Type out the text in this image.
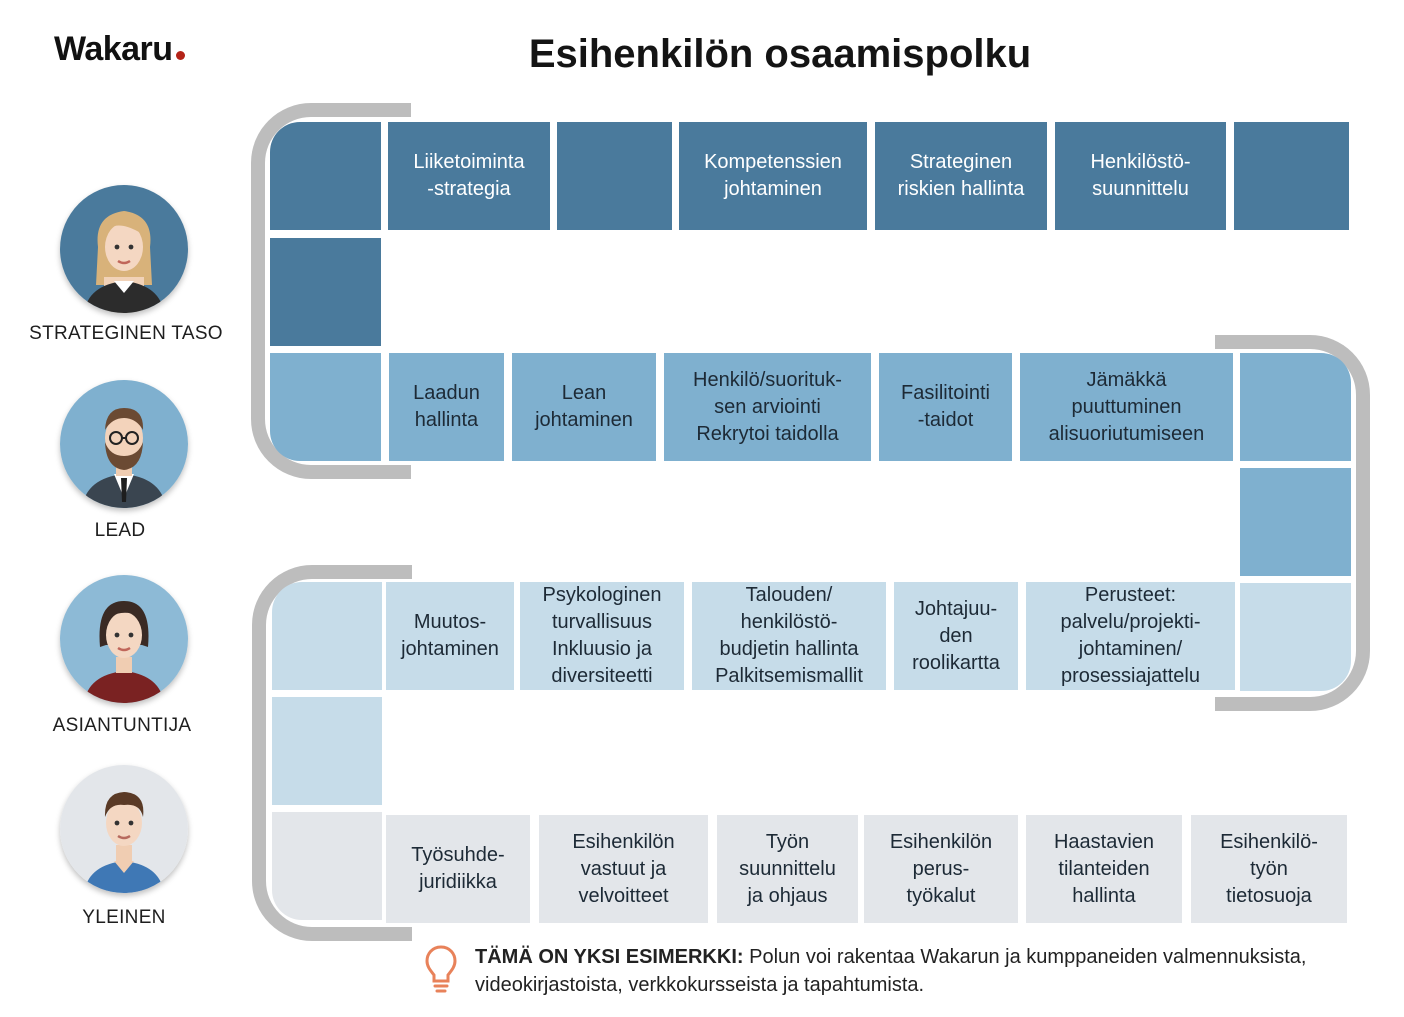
Wakaru	Esihenkilön osaamispolku
STRATEGINEN TASO
LEAD
ASIANTUNTIJA
YLEINEN
Liiketoiminta
-strategia
Kompetenssien
johtaminen
Strateginen
riskien hallinta
Henkilöstö-
suunnittelu
Laadun
hallinta
Lean
johtaminen
Henkilö/suorituk-
sen arviointi
Rekrytoi taidolla
Fasilitointi
-taidot
Jämäkkä
puuttuminen
alisuoriutumiseen
Muutos-
johtaminen
Psykologinen
turvallisuus
Inkluusio ja
diversiteetti
Talouden/
henkilöstö-
budjetin hallinta
Palkitsemismallit
Johtajuu-
den
roolikartta
Perusteet:
palvelu/projekti-
johtaminen/
prosessiajattelu
Työsuhde-
juridiikka
Esihenkilön
vastuut ja
velvoitteet
Työn
suunnittelu
ja ohjaus
Esihenkilön
perus-
työkalut
Haastavien
tilanteiden
hallinta
Esihenkilö-
työn
tietosuoja
TÄMÄ ON YKSI ESIMERKKI: Polun voi rakentaa Wakarun ja kumppaneiden valmennuksista, videokirjastoista, verkkokursseista ja tapahtumista.
